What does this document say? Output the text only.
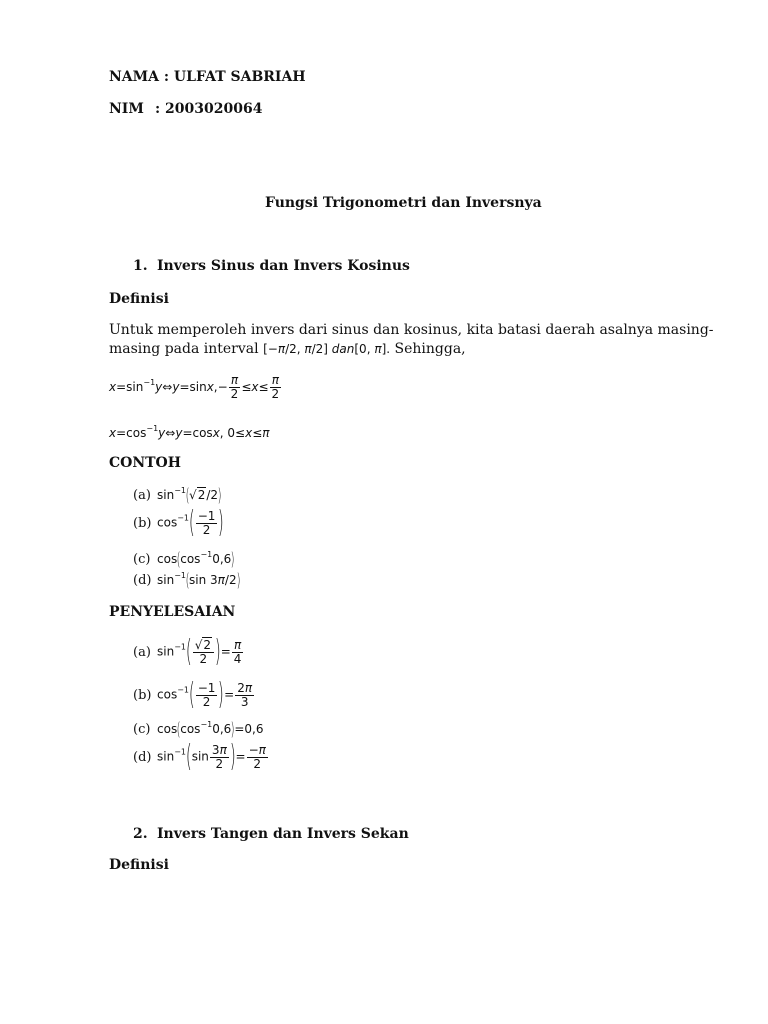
NAMA : ULFAT SABRIAH
NIM : 2003020064
Fungsi Trigonometri dan Inversnya
1. Invers Sinus dan Invers Kosinus
Definisi
Untuk memperoleh invers dari sinus dan kosinus, kita batasi daerah asalnya masing-
masing pada interval [−π/2, π/2] dan[0, π]. Sehingga,
$x=\sin^{-1}y\Leftrightarrow y=\sin x,- \frac{\pi}{2} \le x\le \frac{\pi}{2}$
$x=\cos^{-1}y\Leftrightarrow y=\cos x$, 0≤x≤π
CONTOH
(a) $\sin^{-1}(√2/2)$
(b) $\cos^{-1}( \frac{-1}{2}$ )
(c) $\cos(\cos^{-1}0,6)$
(d) $\sin^{-1}(\sin$ 3π/2)
PENYELESAIAN
(a) $\sin^{-1}( \frac{√2}{2}$ )= $\frac{\pi}{4}$
(b) $\cos^{-1}( \frac{-1}{2}$ )= $\frac{2\pi}{3}$
(c) $\cos(\cos^{-1}0,6)=0,6$
(d) $\sin^{-1}(\sin \frac{3\pi}{2}$ )= $\frac{-\pi}{2}$
2. Invers Tangen dan Invers Sekan
Definisi
